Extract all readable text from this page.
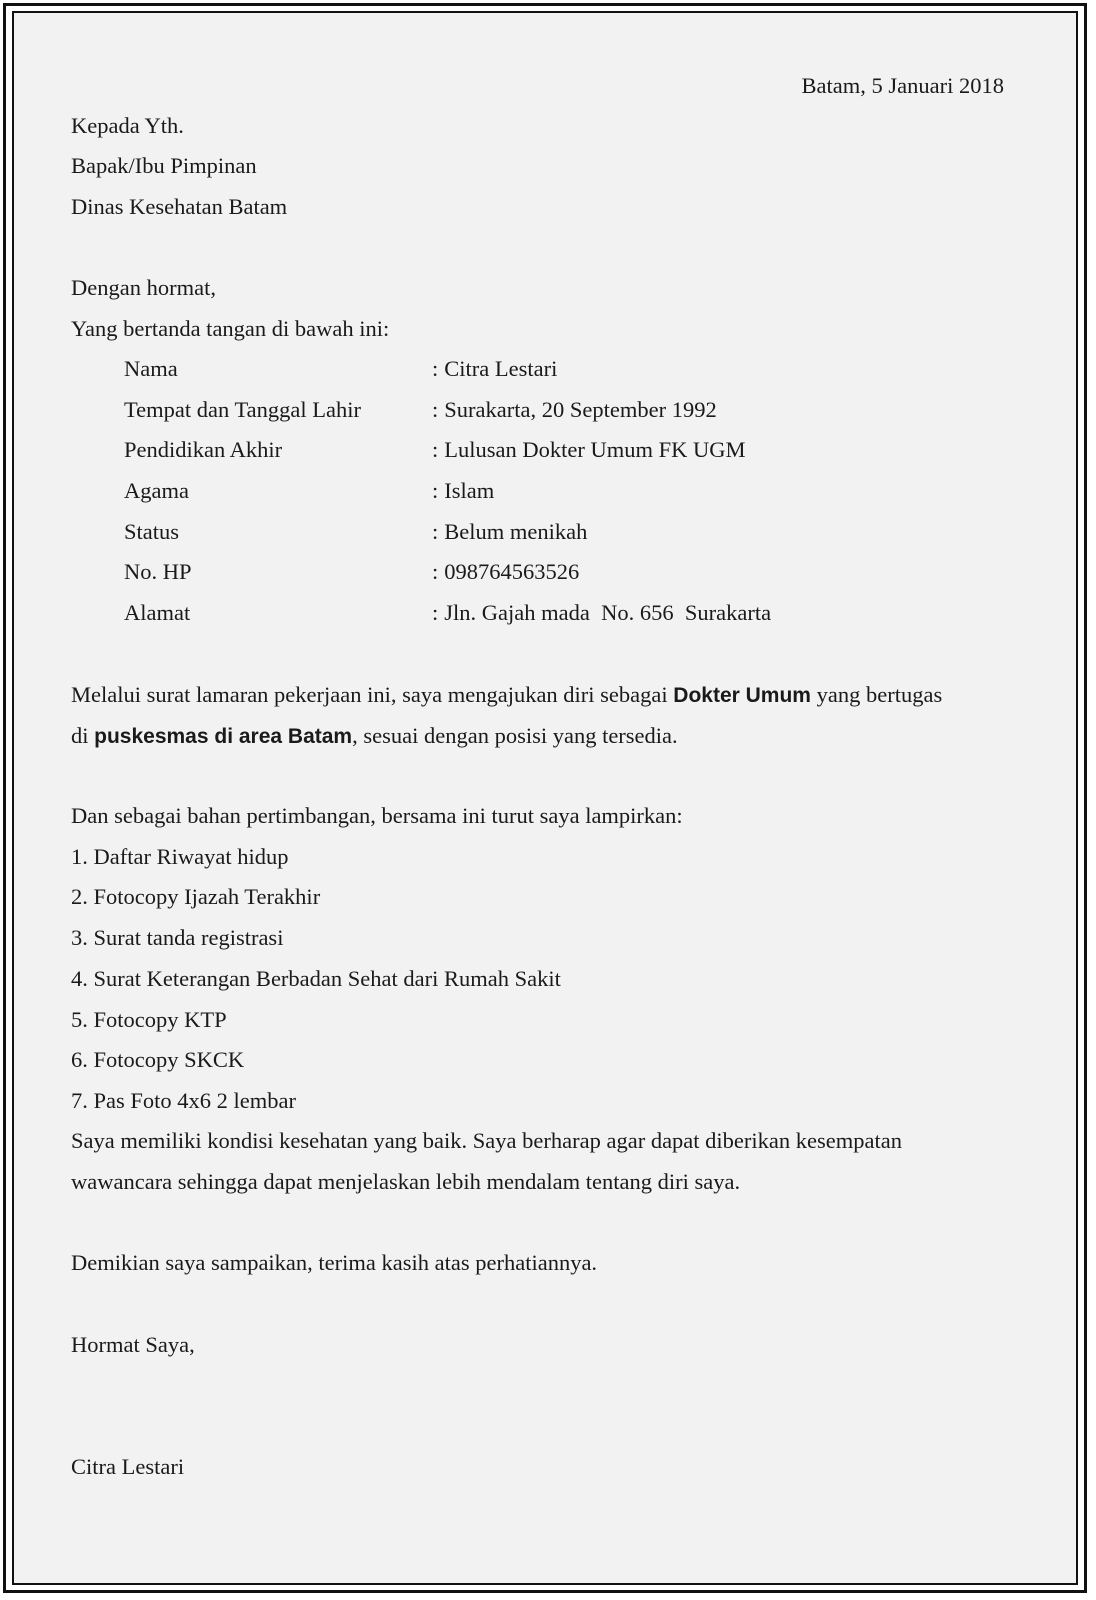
Batam, 5 Januari 2018
Kepada Yth.
Bapak/Ibu Pimpinan
Dinas Kesehatan Batam
Dengan hormat,
Yang bertanda tangan di bawah ini:
Nama	: Citra Lestari
Tempat dan Tanggal Lahir	: Surakarta, 20 September 1992
Pendidikan Akhir	: Lulusan Dokter Umum FK UGM
Agama	: Islam
Status	: Belum menikah
No. HP	: 098764563526
Alamat	: Jln. Gajah mada  No. 656  Surakarta
Melalui surat lamaran pekerjaan ini, saya mengajukan diri sebagai Dokter Umum yang bertugas
di puskesmas di area Batam, sesuai dengan posisi yang tersedia.
Dan sebagai bahan pertimbangan, bersama ini turut saya lampirkan:
1. Daftar Riwayat hidup
2. Fotocopy Ijazah Terakhir
3. Surat tanda registrasi
4. Surat Keterangan Berbadan Sehat dari Rumah Sakit
5. Fotocopy KTP
6. Fotocopy SKCK
7. Pas Foto 4x6 2 lembar
Saya memiliki kondisi kesehatan yang baik. Saya berharap agar dapat diberikan kesempatan
wawancara sehingga dapat menjelaskan lebih mendalam tentang diri saya.
Demikian saya sampaikan, terima kasih atas perhatiannya.
Hormat Saya,
Citra Lestari
